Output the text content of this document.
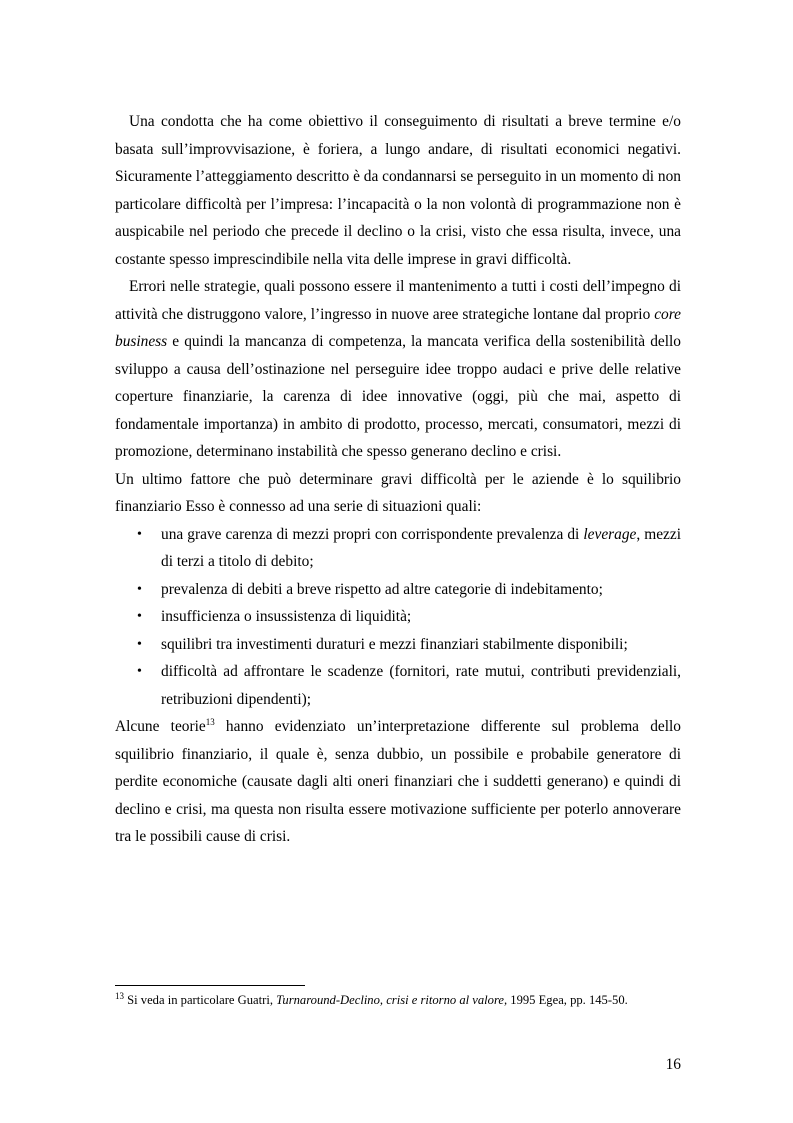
Una condotta che ha come obiettivo il conseguimento di risultati a breve termine e/o basata sull’improvvisazione, è foriera, a lungo andare, di risultati economici negativi. Sicuramente l’atteggiamento descritto è da condannarsi se perseguito in un momento di non particolare difficoltà per l’impresa: l’incapacità o la non volontà di programmazione non è auspicabile nel periodo che precede il declino o la crisi, visto che essa risulta, invece, una costante spesso imprescindibile nella vita delle imprese in gravi difficoltà.

Errori nelle strategie, quali possono essere il mantenimento a tutti i costi dell’impegno di attività che distruggono valore, l’ingresso in nuove aree strategiche lontane dal proprio core business e quindi la mancanza di competenza, la mancata verifica della sostenibilità dello sviluppo a causa dell’ostinazione nel perseguire idee troppo audaci e prive delle relative coperture finanziarie, la carenza di idee innovative (oggi, più che mai, aspetto di fondamentale importanza) in ambito di prodotto, processo, mercati, consumatori, mezzi di promozione, determinano instabilità che spesso generano declino e crisi.

Un ultimo fattore che può determinare gravi difficoltà per le aziende è lo squilibrio finanziario Esso è connesso ad una serie di situazioni quali:

• una grave carenza di mezzi propri con corrispondente prevalenza di leverage, mezzi di terzi a titolo di debito;
• prevalenza di debiti a breve rispetto ad altre categorie di indebitamento;
• insufficienza o insussistenza di liquidità;
• squilibri tra investimenti duraturi e mezzi finanziari stabilmente disponibili;
• difficoltà ad affrontare le scadenze (fornitori, rate mutui, contributi previdenziali, retribuzioni dipendenti);

Alcune teorie$^{13}$ hanno evidenziato un’interpretazione differente sul problema dello squilibrio finanziario, il quale è, senza dubbio, un possibile e probabile generatore di perdite economiche (causate dagli alti oneri finanziari che i suddetti generano) e quindi di declino e crisi, ma questa non risulta essere motivazione sufficiente per poterlo annoverare tra le possibili cause di crisi.

$^{13}$ Si veda in particolare Guatri, Turnaround-Declino, crisi e ritorno al valore, 1995 Egea, pp. 145-50.
16
